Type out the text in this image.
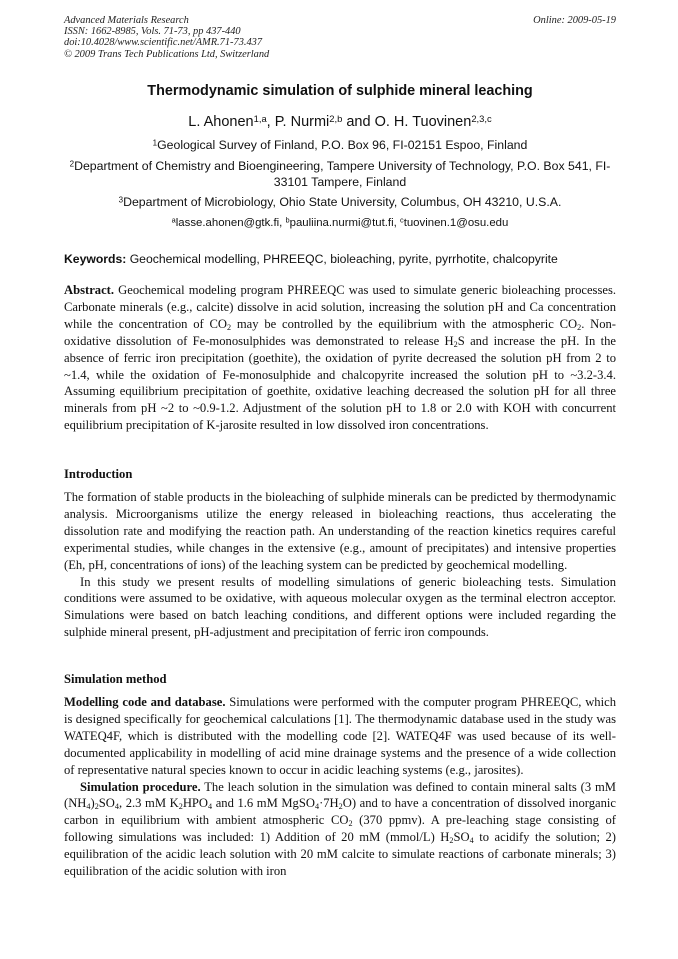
Advanced Materials Research
ISSN: 1662-8985, Vols. 71-73, pp 437-440
doi:10.4028/www.scientific.net/AMR.71-73.437
© 2009 Trans Tech Publications Ltd, Switzerland
Online: 2009-05-19
Thermodynamic simulation of sulphide mineral leaching
L. Ahonen$^{1,a}$, P. Nurmi$^{2,b}$ and O. H. Tuovinen$^{2,3,c}$
$^1$Geological Survey of Finland, P.O. Box 96, FI-02151 Espoo, Finland
$^2$Department of Chemistry and Bioengineering, Tampere University of Technology, P.O. Box 541, FI-33101 Tampere, Finland
$^3$Department of Microbiology, Ohio State University, Columbus, OH 43210, U.S.A.
$^a$lasse.ahonen@gtk.fi, $^b$pauliina.nurmi@tut.fi, $^c$tuovinen.1@osu.edu
Keywords: Geochemical modelling, PHREEQC, bioleaching, pyrite, pyrrhotite, chalcopyrite

Abstract. Geochemical modeling program PHREEQC was used to simulate generic bioleaching processes. Carbonate minerals (e.g., calcite) dissolve in acid solution, increasing the solution pH and Ca concentration while the concentration of $CO_2$ may be controlled by the equilibrium with the atmospheric $CO_2$. Non-oxidative dissolution of Fe-monosulphides was demonstrated to release $H_2S$ and increase the pH. In the absence of ferric iron precipitation (goethite), the oxidation of pyrite decreased the solution pH from 2 to ~1.4, while the oxidation of Fe-monosulphide and chalcopyrite increased the solution pH to ~3.2-3.4. Assuming equilibrium precipitation of goethite, oxidative leaching decreased the solution pH for all three minerals from pH ~2 to ~0.9-1.2. Adjustment of the solution pH to 1.8 or 2.0 with KOH with concurrent equilibrium precipitation of K-jarosite resulted in low dissolved iron concentrations.

Introduction

The formation of stable products in the bioleaching of sulphide minerals can be predicted by thermodynamic analysis. Microorganisms utilize the energy released in bioleaching reactions, thus accelerating the dissolution rate and modifying the reaction path. An understanding of the reaction kinetics requires careful experimental studies, while changes in the extensive (e.g., amount of precipitates) and intensive properties (Eh, pH, concentrations of ions) of the leaching system can be predicted by geochemical modelling.

In this study we present results of modelling simulations of generic bioleaching tests. Simulation conditions were assumed to be oxidative, with aqueous molecular oxygen as the terminal electron acceptor. Simulations were based on batch leaching conditions, and different options were included regarding the sulphide mineral present, pH-adjustment and precipitation of ferric iron compounds.

Simulation method

Modelling code and database. Simulations were performed with the computer program PHREEQC, which is designed specifically for geochemical calculations [1]. The thermodynamic database used in the study was WATEQ4F, which is distributed with the modelling code [2]. WATEQ4F was used because of its well-documented applicability in modelling of acid mine drainage systems and the presence of a wide collection of representative natural species known to occur in acidic leaching systems (e.g., jarosites).

Simulation procedure. The leach solution in the simulation was defined to contain mineral salts (3 mM $(NH_4)_2SO_4$, 2.3 mM $K_2HPO_4$ and 1.6 mM $MgSO_4\cdot 7H_2O$) and to have a concentration of dissolved inorganic carbon in equilibrium with ambient atmospheric $CO_2$ (370 ppmv). A pre-leaching stage consisting of following simulations was included: 1) Addition of 20 mM (mmol/L) $H_2SO_4$ to acidify the solution; 2) equilibration of the acidic leach solution with 20 mM calcite to simulate reactions of carbonate minerals; 3) equilibration of the acidic solution with iron
